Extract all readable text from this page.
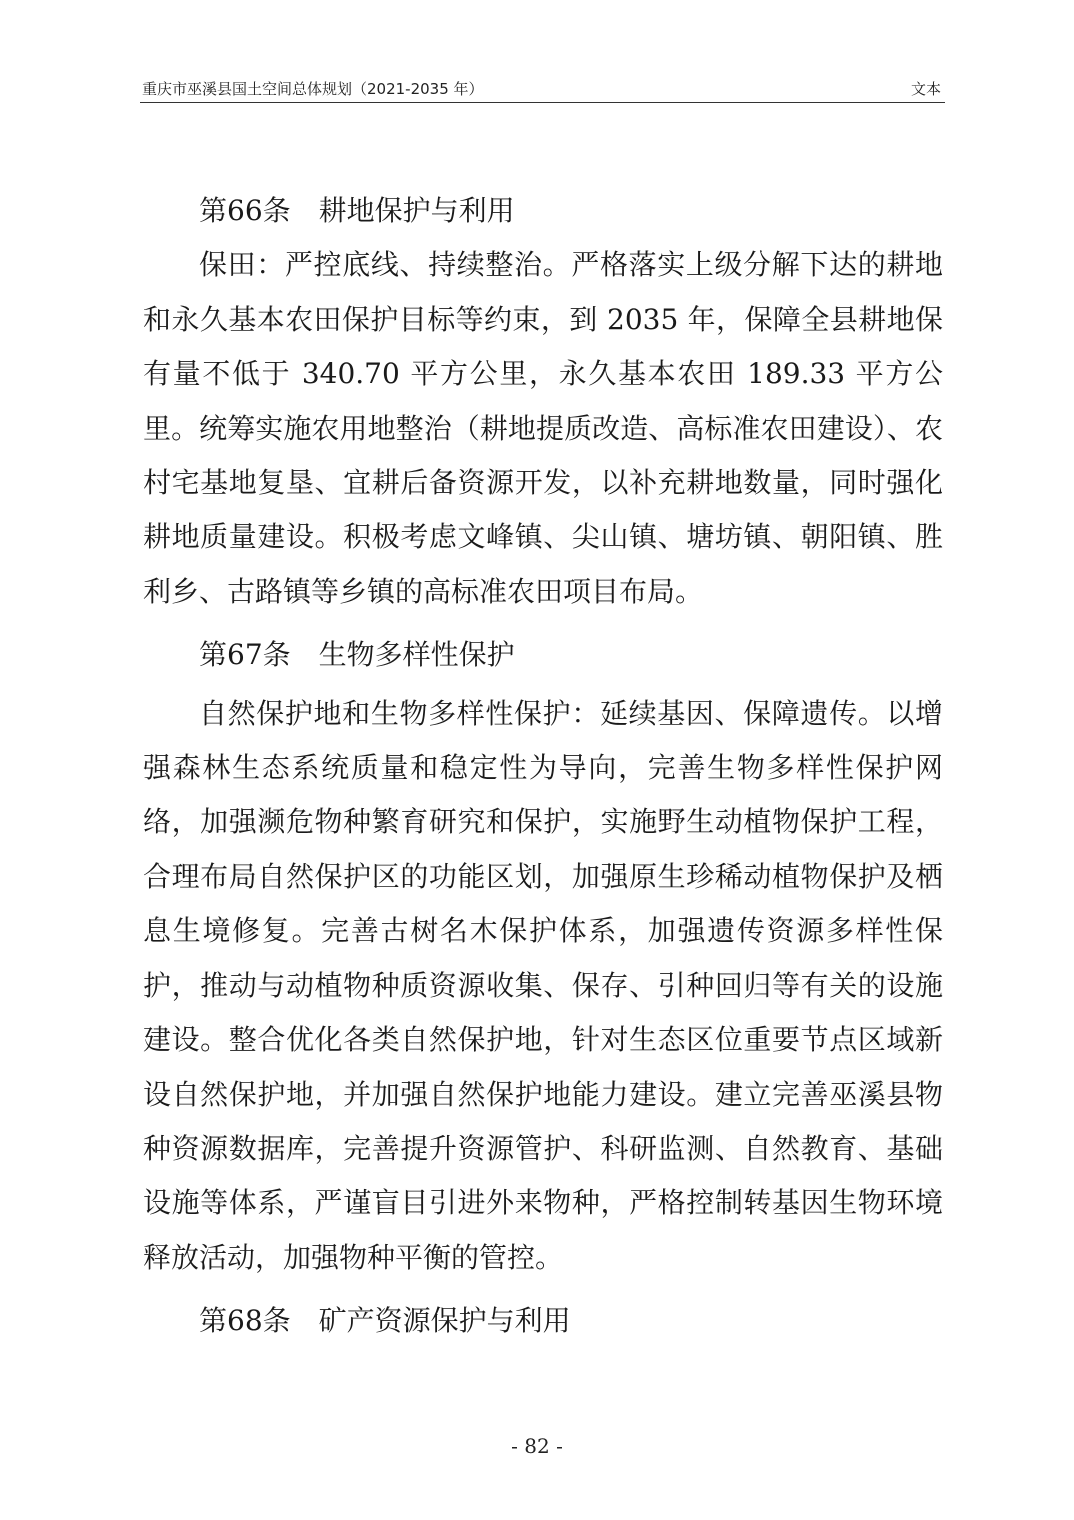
重庆市巫溪县国土空间总体规划（2021-2035 年）	文本
第66条　耕地保护与利用

保田：严控底线、持续整治。严格落实上级分解下达的耕地和永久基本农田保护目标等约束，到 2035 年，保障全县耕地保有量不低于 340.70 平方公里，永久基本农田 189.33 平方公里。统筹实施农用地整治（耕地提质改造、高标准农田建设）、农村宅基地复垦、宜耕后备资源开发，以补充耕地数量，同时强化耕地质量建设。积极考虑文峰镇、尖山镇、塘坊镇、朝阳镇、胜利乡、古路镇等乡镇的高标准农田项目布局。

第67条　生物多样性保护

自然保护地和生物多样性保护：延续基因、保障遗传。以增强森林生态系统质量和稳定性为导向，完善生物多样性保护网络，加强濒危物种繁育研究和保护，实施野生动植物保护工程，合理布局自然保护区的功能区划，加强原生珍稀动植物保护及栖息生境修复。完善古树名木保护体系，加强遗传资源多样性保护，推动与动植物种质资源收集、保存、引种回归等有关的设施建设。整合优化各类自然保护地，针对生态区位重要节点区域新设自然保护地，并加强自然保护地能力建设。建立完善巫溪县物种资源数据库，完善提升资源管护、科研监测、自然教育、基础设施等体系，严谨盲目引进外来物种，严格控制转基因生物环境释放活动，加强物种平衡的管控。

第68条　矿产资源保护与利用
- 82 -
